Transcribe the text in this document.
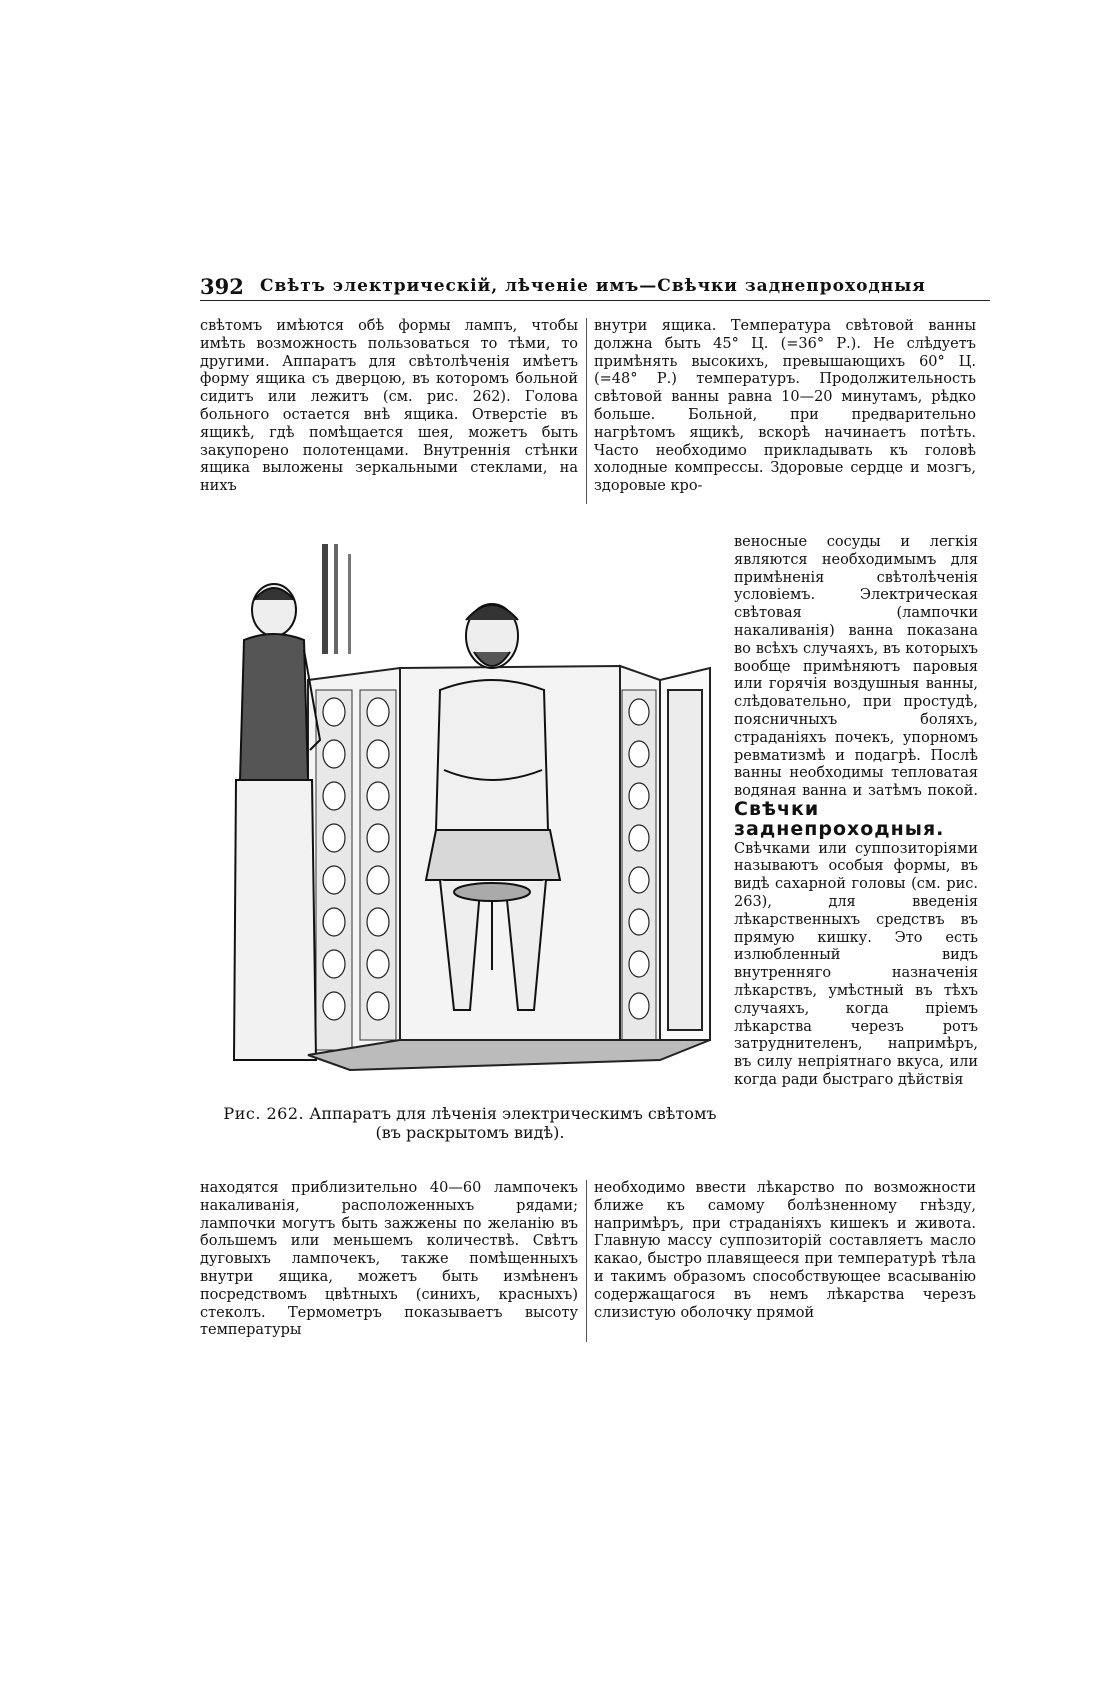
392 Свѣтъ электрическій, лѣченіе имъ—Свѣчки заднепроходныя
свѣтомъ имѣются обѣ формы лампъ, чтобы имѣть возможность пользоваться то тѣми, то другими. Аппаратъ для свѣтолѣченія имѣетъ форму ящика съ дверцою, въ которомъ больной сидитъ или лежитъ (см. рис. 262). Голова больного остается внѣ ящика. Отверстіе въ ящикѣ, гдѣ помѣщается шея, можетъ быть закупорено полотенцами. Внутреннія стѣнки ящика выложены зеркальными стеклами, на нихъ
внутри ящика. Температура свѣтовой ванны должна быть 45° Ц. (=36° Р.). Не слѣдуетъ примѣнять высокихъ, превышающихъ 60° Ц. (=48° Р.) температуръ. Продолжительность свѣтовой ванны равна 10—20 минутамъ, рѣдко больше. Больной, при предварительно нагрѣтомъ ящикѣ, вскорѣ начинаетъ потѣть. Часто необходимо прикладывать къ головѣ холодные компрессы. Здоровые сердце и мозгъ, здоровые кро-
веносные сосуды и легкія являются необходимымъ для примѣненія свѣтолѣченія условіемъ. Электрическая свѣтовая (лампочки накаливанія) ванна показана во всѣхъ случаяхъ, въ которыхъ вообще примѣняютъ паровыя или горячія воздушныя ванны, слѣдовательно, при простудѣ, поясничныхъ боляхъ, страданіяхъ почекъ, упорномъ ревматизмѣ и подагрѣ. Послѣ ванны необходимы тепловатая водяная ванна и затѣмъ покой. Свѣчки заднепроходныя. Свѣчками или суппозиторіями называютъ особыя формы, въ видѣ сахарной головы (см. рис. 263), для введенія лѣкарственныхъ средствъ въ прямую кишку. Это есть излюбленный видъ внутренняго назначенія лѣкарствъ, умѣстный въ тѣхъ случаяхъ, когда пріемъ лѣкарства черезъ ротъ затруднителенъ, напримѣръ, въ силу непріятнаго вкуса, или когда ради быстраго дѣйствія
Рис. 262. Аппаратъ для лѣченія электрическимъ свѣтомъ (въ раскрытомъ видѣ).
находятся приблизительно 40—60 лампочекъ накаливанія, расположенныхъ рядами; лампочки могутъ быть зажжены по желанію въ большемъ или меньшемъ количествѣ. Свѣтъ дуговыхъ лампочекъ, также помѣщенныхъ внутри ящика, можетъ быть измѣненъ посредствомъ цвѣтныхъ (синихъ, красныхъ) стеколъ. Термометръ показываетъ высоту температуры
необходимо ввести лѣкарство по возможности ближе къ самому болѣзненному гнѣзду, напримѣръ, при страданіяхъ кишекъ и живота. Главную массу суппозиторій составляетъ масло какао, быстро плавящееся при температурѣ тѣла и такимъ образомъ способствующее всасыванію содержащагося въ немъ лѣкарства черезъ слизистую оболочку прямой
